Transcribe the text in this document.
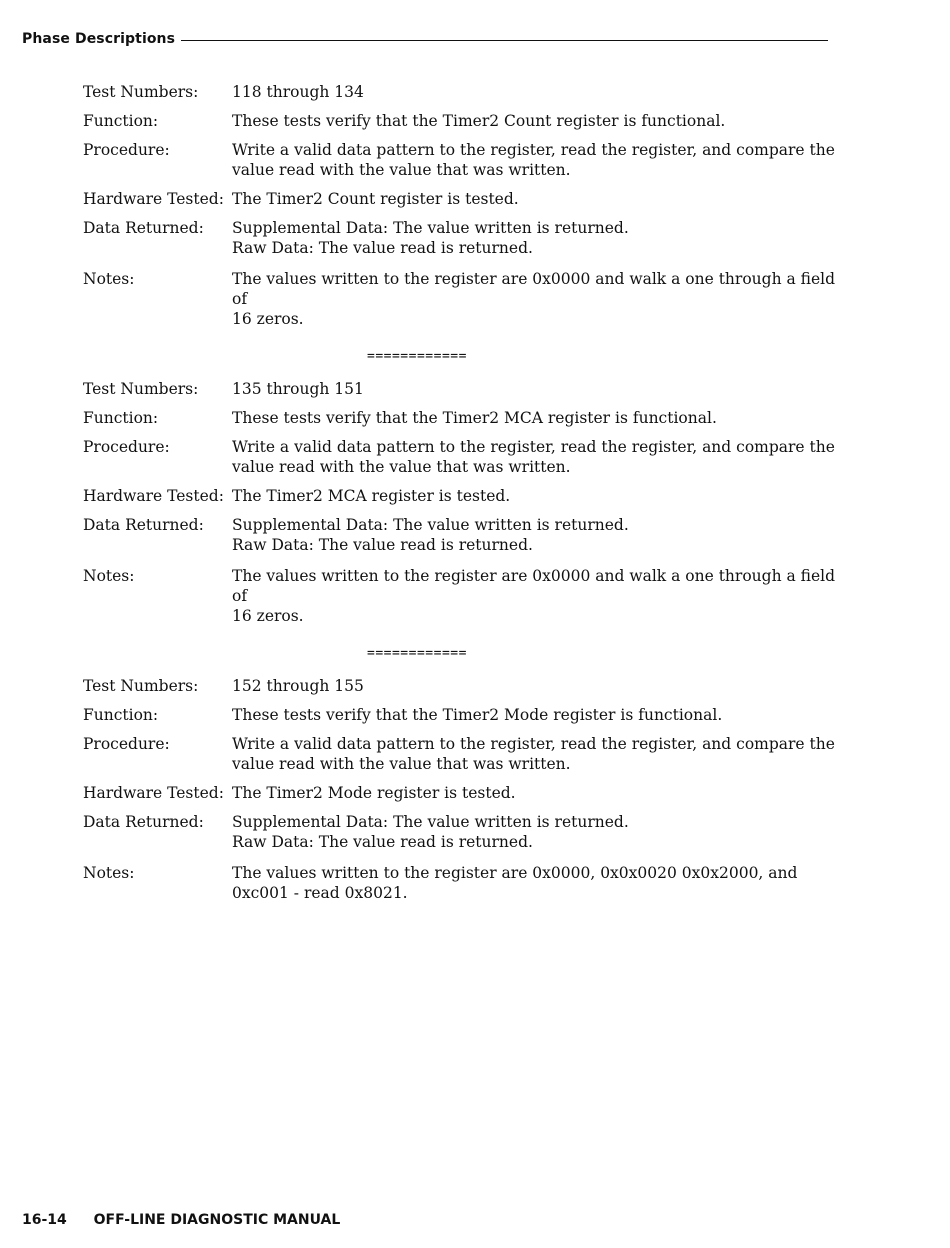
Phase Descriptions
Test Numbers:	118 through 134
Function:	These tests verify that the Timer2 Count register is functional.
Procedure:	Write a valid data pattern to the register, read the register, and compare the
value read with the value that was written.
Hardware Tested: The Timer2 Count register is tested.
Data Returned:	Supplemental Data: The value written is returned.
Raw Data: The value read is returned.
Notes:	The values written to the register are 0x0000 and walk a one through a field of
16 zeros.
============
Test Numbers:	135 through 151
Function:	These tests verify that the Timer2 MCA register is functional.
Procedure:	Write a valid data pattern to the register, read the register, and compare the
value read with the value that was written.
Hardware Tested: The Timer2 MCA register is tested.
Data Returned:	Supplemental Data: The value written is returned.
Raw Data: The value read is returned.
Notes:	The values written to the register are 0x0000 and walk a one through a field of
16 zeros.
============
Test Numbers:	152 through 155
Function:	These tests verify that the Timer2 Mode register is functional.
Procedure:	Write a valid data pattern to the register, read the register, and compare the
value read with the value that was written.
Hardware Tested: The Timer2 Mode register is tested.
Data Returned:	Supplemental Data: The value written is returned.
Raw Data: The value read is returned.
Notes:	The values written to the register are 0x0000, 0x0x0020 0x0x2000, and
0xc001 - read 0x8021.
16-14 OFF-LINE DIAGNOSTIC MANUAL
